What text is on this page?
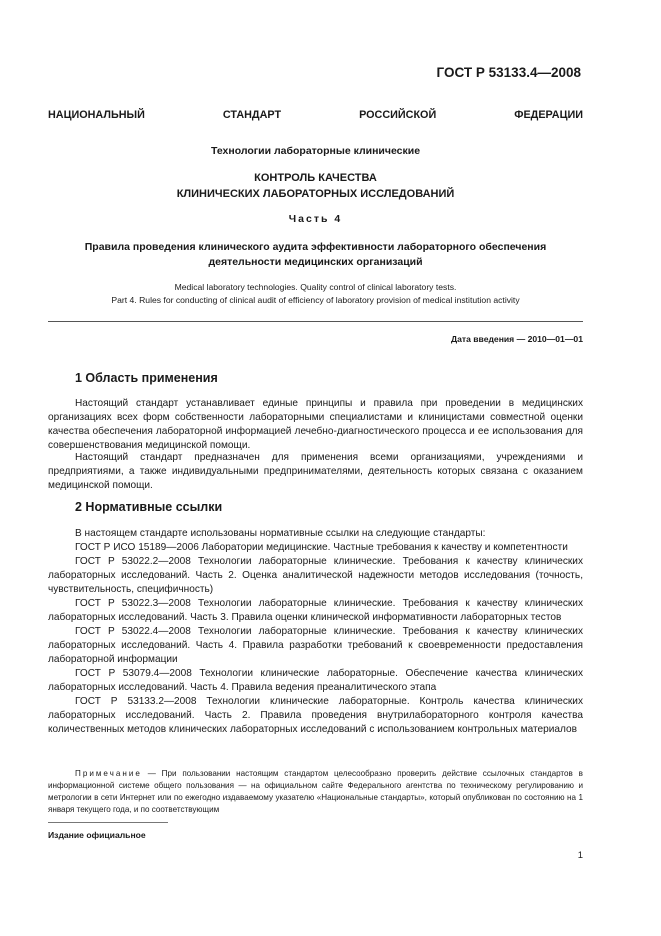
ГОСТ Р 53133.4—2008
НАЦИОНАЛЬНЫЙ	СТАНДАРТ	РОССИЙСКОЙ	ФЕДЕРАЦИИ
Технологии лабораторные клинические
КОНТРОЛЬ КАЧЕСТВА
КЛИНИЧЕСКИХ ЛАБОРАТОРНЫХ ИССЛЕДОВАНИЙ
Часть 4
Правила проведения клинического аудита эффективности лабораторного обеспечения
деятельности медицинских организаций
Medical laboratory technologies. Quality control of clinical laboratory tests.
Part 4. Rules for conducting of clinical audit of efficiency of laboratory provision of medical institution activity
Дата введения — 2010—01—01
1 Область применения
Настоящий стандарт устанавливает единые принципы и правила при проведении в медицинских организациях всех форм собственности лабораторными специалистами и клиницистами совместной оценки качества обеспечения лабораторной информацией лечебно-диагностического процесса и ее использования для совершенствования медицинской помощи.
Настоящий стандарт предназначен для применения всеми организациями, учреждениями и предприятиями, а также индивидуальными предпринимателями, деятельность которых связана с оказанием медицинской помощи.
2 Нормативные ссылки
В настоящем стандарте использованы нормативные ссылки на следующие стандарты:
ГОСТ Р ИСО 15189—2006 Лаборатории медицинские. Частные требования к качеству и компетентности
ГОСТ Р 53022.2—2008 Технологии лабораторные клинические. Требования к качеству клинических лабораторных исследований. Часть 2. Оценка аналитической надежности методов исследования (точность, чувствительность, специфичность)
ГОСТ Р 53022.3—2008 Технологии лабораторные клинические. Требования к качеству клинических лабораторных исследований. Часть 3. Правила оценки клинической информативности лабораторных тестов
ГОСТ Р 53022.4—2008 Технологии лабораторные клинические. Требования к качеству клинических лабораторных исследований. Часть 4. Правила разработки требований к своевременности предоставления лабораторной информации
ГОСТ Р 53079.4—2008 Технологии клинические лабораторные. Обеспечение качества клинических лабораторных исследований. Часть 4. Правила ведения преаналитического этапа
ГОСТ Р 53133.2—2008 Технологии клинические лабораторные. Контроль качества клинических лабораторных исследований. Часть 2. Правила проведения внутрилабораторного контроля качества количественных методов клинических лабораторных исследований с использованием контрольных материалов
Примечание — При пользовании настоящим стандартом целесообразно проверить действие ссылочных стандартов в информационной системе общего пользования — на официальном сайте Федерального агентства по техническому регулированию и метрологии в сети Интернет или по ежегодно издаваемому указателю «Национальные стандарты», который опубликован по состоянию на 1 января текущего года, и по соответствующим
Издание официальное
1
